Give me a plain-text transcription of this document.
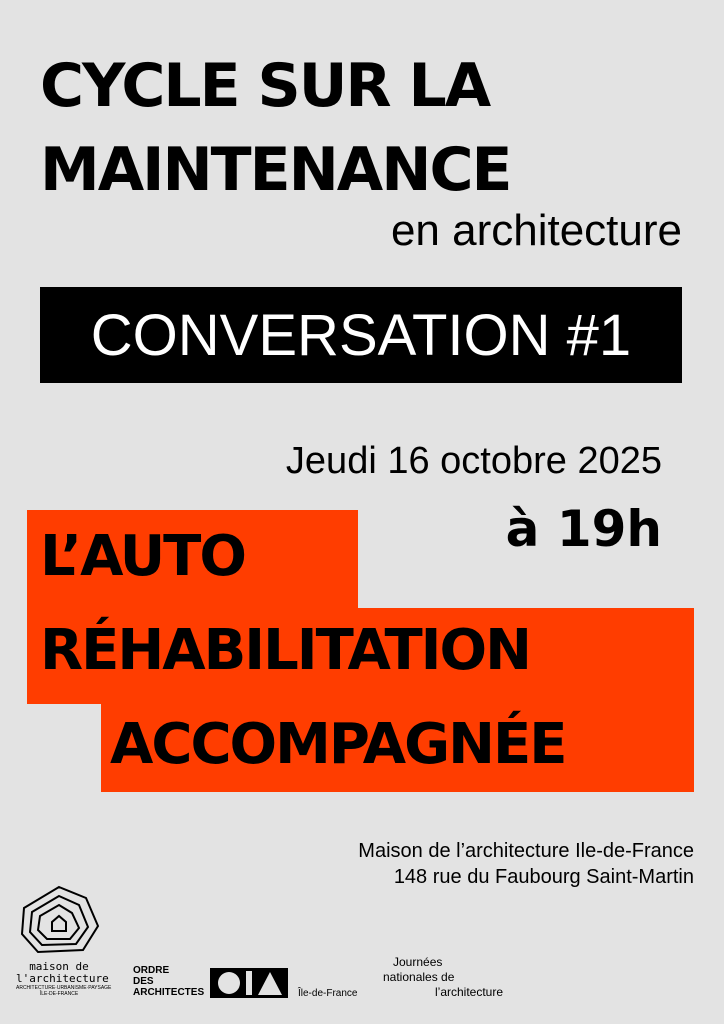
CYCLE SUR LA
MAINTENANCE
en architecture
CONVERSATION #1
Jeudi 16 octobre 2025
à 19h
L’AUTO
RÉHABILITATION
ACCOMPAGNÉE
Maison de l’architecture Ile-de-France
148 rue du Faubourg Saint-Martin
maison de
l'architecture
ARCHITECTURE·URBANISME·PAYSAGE
ÎLE-DE-FRANCE
ORDRE
DES
ARCHITECTES	Île-de-France
Journées
nationales de
l’architecture
